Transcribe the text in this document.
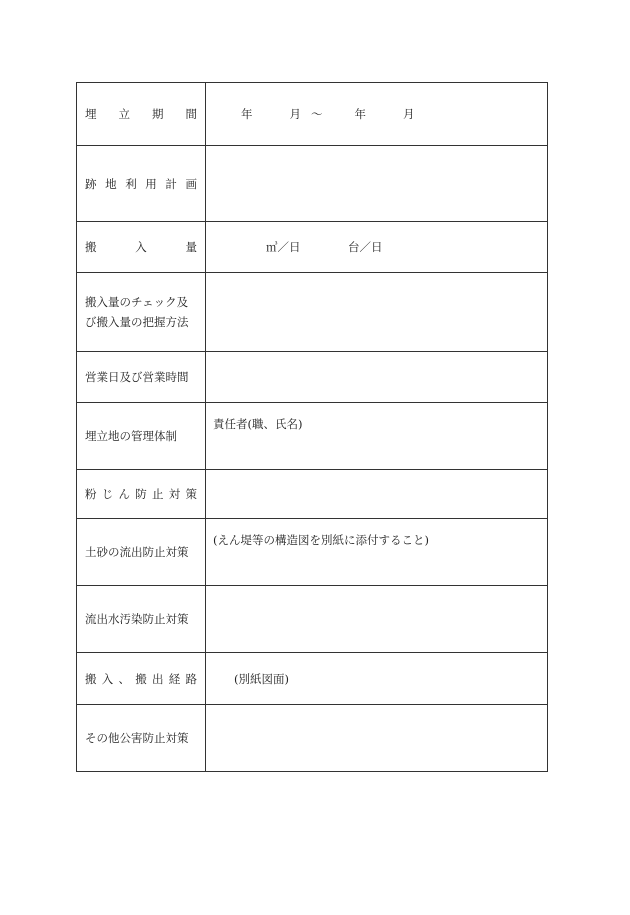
埋立期間	年 月 ～ 年 月

跡地利用計画	

搬入量	㎥／日 台／日

搬入量のチェック及
び搬入量の把握方法	

営業日及び営業時間	
埋立地の管理体制	責任者(職、氏名)

粉じん防止対策	

土砂の流出防止対策	(えん堤等の構造図を別紙に添付すること)

流出水汚染防止対策	

搬入、搬出経路	(別紙図面)

その他公害防止対策	
